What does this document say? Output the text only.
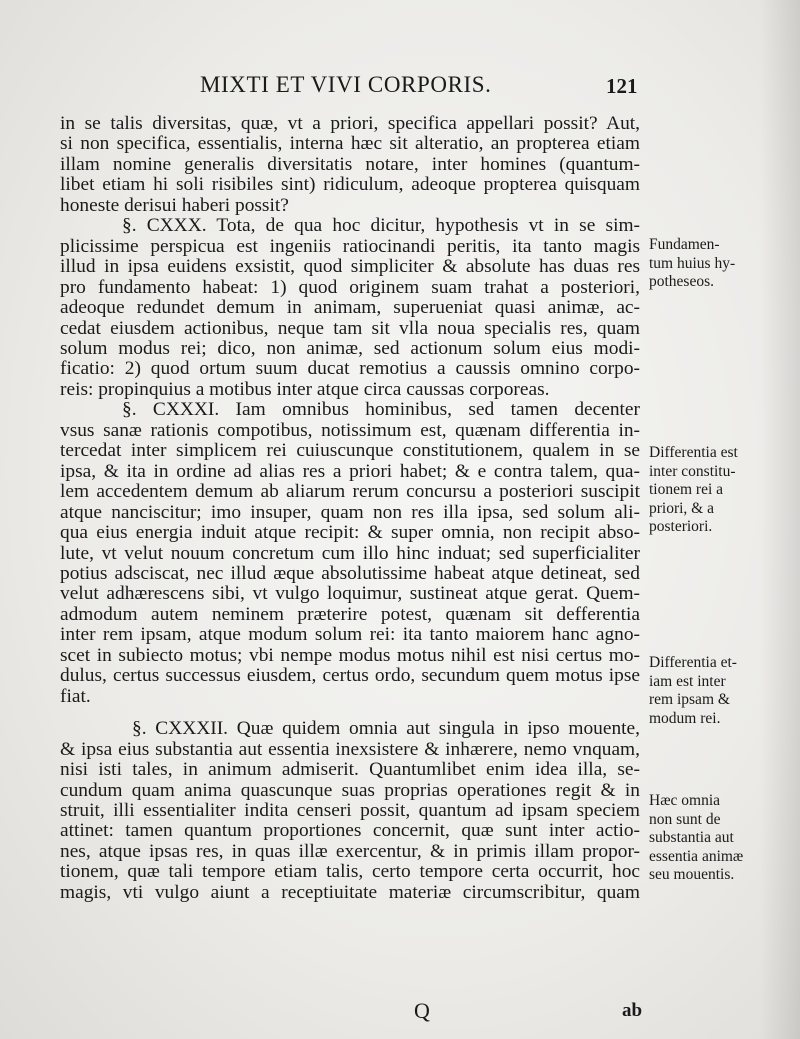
MIXTI ET VIVI CORPORIS.	121
in se talis diversitas, quæ, vt a priori, specifica appellari possit? Aut,
si non specifica, essentialis, interna hæc sit alteratio, an propterea etiam
illam nomine generalis diversitatis notare, inter homines (quantum-
libet etiam hi soli risibiles sint) ridiculum, adeoque propterea quisquam
honeste derisui haberi possit?
§. CXXX. Tota, de qua hoc dicitur, hypothesis vt in se sim-
plicissime perspicua est ingeniis ratiocinandi peritis, ita tanto magis
illud in ipsa euidens exsistit, quod simpliciter & absolute has duas res
pro fundamento habeat: 1) quod originem suam trahat a posteriori,
adeoque redundet demum in animam, superueniat quasi animæ, ac-
cedat eiusdem actionibus, neque tam sit vlla noua specialis res, quam
solum modus rei; dico, non animæ, sed actionum solum eius modi-
ficatio: 2) quod ortum suum ducat remotius a caussis omnino corpo-
reis: propinquius a motibus inter atque circa caussas corporeas.
§. CXXXI. Iam omnibus hominibus, sed tamen decenter
vsus sanæ rationis compotibus, notissimum est, quænam differentia in-
tercedat inter simplicem rei cuiuscunque constitutionem, qualem in se
ipsa, & ita in ordine ad alias res a priori habet; & e contra talem, qua-
lem accedentem demum ab aliarum rerum concursu a posteriori suscipit
atque nanciscitur; imo insuper, quam non res illa ipsa, sed solum ali-
qua eius energia induit atque recipit: & super omnia, non recipit abso-
lute, vt velut nouum concretum cum illo hinc induat; sed superficialiter
potius adsciscat, nec illud æque absolutissime habeat atque detineat, sed
velut adhærescens sibi, vt vulgo loquimur, sustineat atque gerat. Quem-
admodum autem neminem præterire potest, quænam sit defferentia
inter rem ipsam, atque modum solum rei: ita tanto maiorem hanc agno-
scet in subiecto motus; vbi nempe modus motus nihil est nisi certus mo-
dulus, certus successus eiusdem, certus ordo, secundum quem motus ipse
fiat.
§. CXXXII. Quæ quidem omnia aut singula in ipso mouente,
& ipsa eius substantia aut essentia inexsistere & inhærere, nemo vnquam,
nisi isti tales, in animum admiserit. Quantumlibet enim idea illa, se-
cundum quam anima quascunque suas proprias operationes regit & in
struit, illi essentialiter indita censeri possit, quantum ad ipsam speciem
attinet: tamen quantum proportiones concernit, quæ sunt inter actio-
nes, atque ipsas res, in quas illæ exercentur, & in primis illam propor-
tionem, quæ tali tempore etiam talis, certo tempore certa occurrit, hoc
magis, vti vulgo aiunt a receptiuitate materiæ circumscribitur, quam
Fundamen-
tum huius hy-
potheseos.
Differentia est
inter constitu-
tionem rei a
priori, & a
posteriori.
Differentia et-
iam est inter
rem ipsam &
modum rei.
Hæc omnia
non sunt de
substantia aut
essentia animæ
seu mouentis.
Q	ab
